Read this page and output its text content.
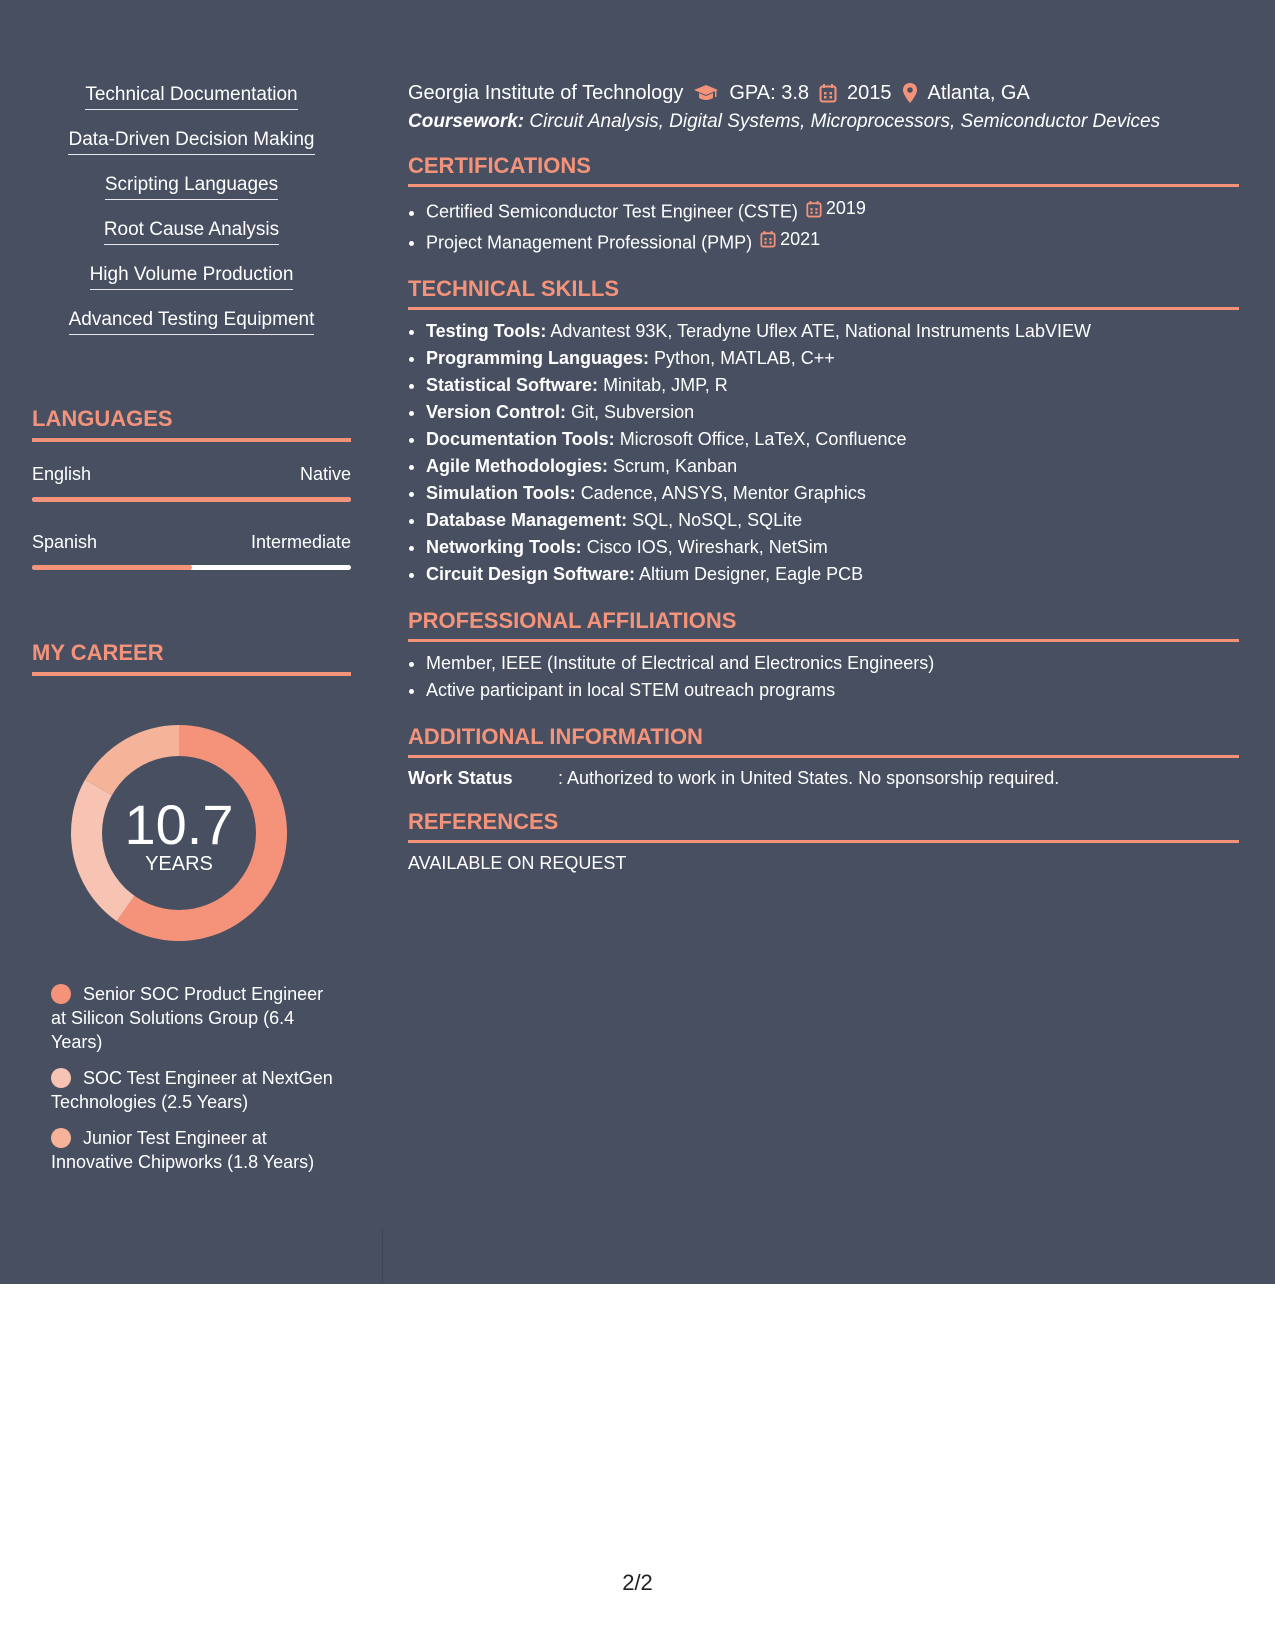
Technical Documentation
Data-Driven Decision Making
Scripting Languages
Root Cause Analysis
High Volume Production
Advanced Testing Equipment
LANGUAGES
English	Native
Spanish	Intermediate
MY CAREER
10.7
YEARS
Senior SOC Product Engineer at Silicon Solutions Group (6.4 Years)
SOC Test Engineer at NextGen Technologies (2.5 Years)
Junior Test Engineer at Innovative Chipworks (1.8 Years)
Georgia Institute of Technology GPA: 3.8 2015 Atlanta, GA
Coursework: Circuit Analysis, Digital Systems, Microprocessors, Semiconductor Devices
CERTIFICATIONS
• Certified Semiconductor Test Engineer (CSTE) 2019
• Project Management Professional (PMP) 2021
TECHNICAL SKILLS
• Testing Tools: Advantest 93K, Teradyne Uflex ATE, National Instruments LabVIEW
• Programming Languages: Python, MATLAB, C++
• Statistical Software: Minitab, JMP, R
• Version Control: Git, Subversion
• Documentation Tools: Microsoft Office, LaTeX, Confluence
• Agile Methodologies: Scrum, Kanban
• Simulation Tools: Cadence, ANSYS, Mentor Graphics
• Database Management: SQL, NoSQL, SQLite
• Networking Tools: Cisco IOS, Wireshark, NetSim
• Circuit Design Software: Altium Designer, Eagle PCB
PROFESSIONAL AFFILIATIONS
• Member, IEEE (Institute of Electrical and Electronics Engineers)
• Active participant in local STEM outreach programs
ADDITIONAL INFORMATION
Work Status	: Authorized to work in United States. No sponsorship required.
REFERENCES
AVAILABLE ON REQUEST
2/2
